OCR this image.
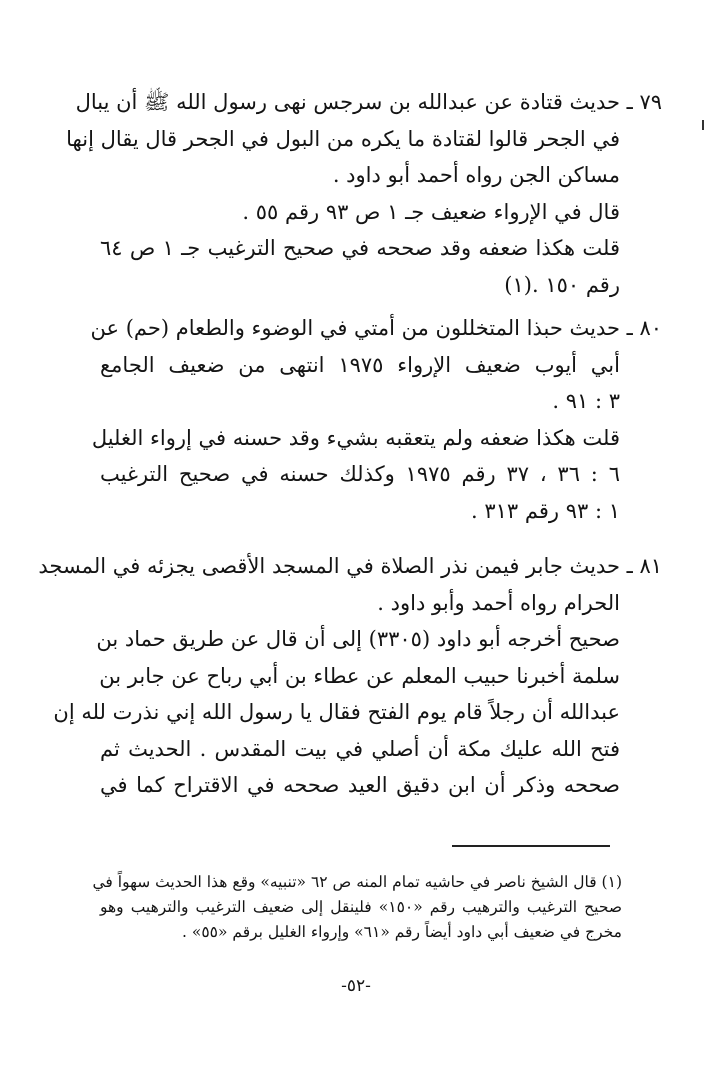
٧٩ ـ
حديث قتادة عن عبدالله بن سرجس نهى رسول الله ﷺ أن يبال
في الجحر قالوا لقتادة ما يكره من البول في الجحر قال يقال إنها
مساكن الجن رواه أحمد أبو داود .
قال في الإرواء ضعيف جـ ١ ص ٩٣ رقم ٥٥ .
قلت هكذا ضعفه وقد صححه في صحيح الترغيب جـ ١ ص ٦٤
رقم ١٥٠ .(١)
٨٠ ـ
حديث حبذا المتخللون من أمتي في الوضوء والطعام (حم) عن
أبي أيوب ضعيف الإرواء ١٩٧٥ انتهى من ضعيف الجامع
٣ : ٩١ .
قلت هكذا ضعفه ولم يتعقبه بشيء وقد حسنه في إرواء الغليل
٦ : ٣٦ ، ٣٧ رقم ١٩٧٥ وكذلك حسنه في صحيح الترغيب
١ : ٩٣ رقم ٣١٣ .
٨١ ـ
حديث جابر فيمن نذر الصلاة في المسجد الأقصى يجزئه في المسجد
الحرام رواه أحمد وأبو داود .
صحيح أخرجه أبو داود (٣٣٠٥) إلى أن قال عن طريق حماد بن
سلمة أخبرنا حبيب المعلم عن عطاء بن أبي رباح عن جابر بن
عبدالله أن رجلاً قام يوم الفتح فقال يا رسول الله إني نذرت لله إن
فتح الله عليك مكة أن أصلي في بيت المقدس . الحديث ثم
صححه وذكر أن ابن دقيق العيد صححه في الاقتراح كما في
(١) قال الشيخ ناصر في حاشيه تمام المنه ص ٦٢ «تنبيه» وقع هذا الحديث سهواً في
صحيح الترغيب والترهيب رقم «١٥٠» فلينقل إلى ضعيف الترغيب والترهيب وهو
مخرج في ضعيف أبي داود أيضاً رقم «٦١» وإرواء الغليل برقم «٥٥» .
-٥٢-
